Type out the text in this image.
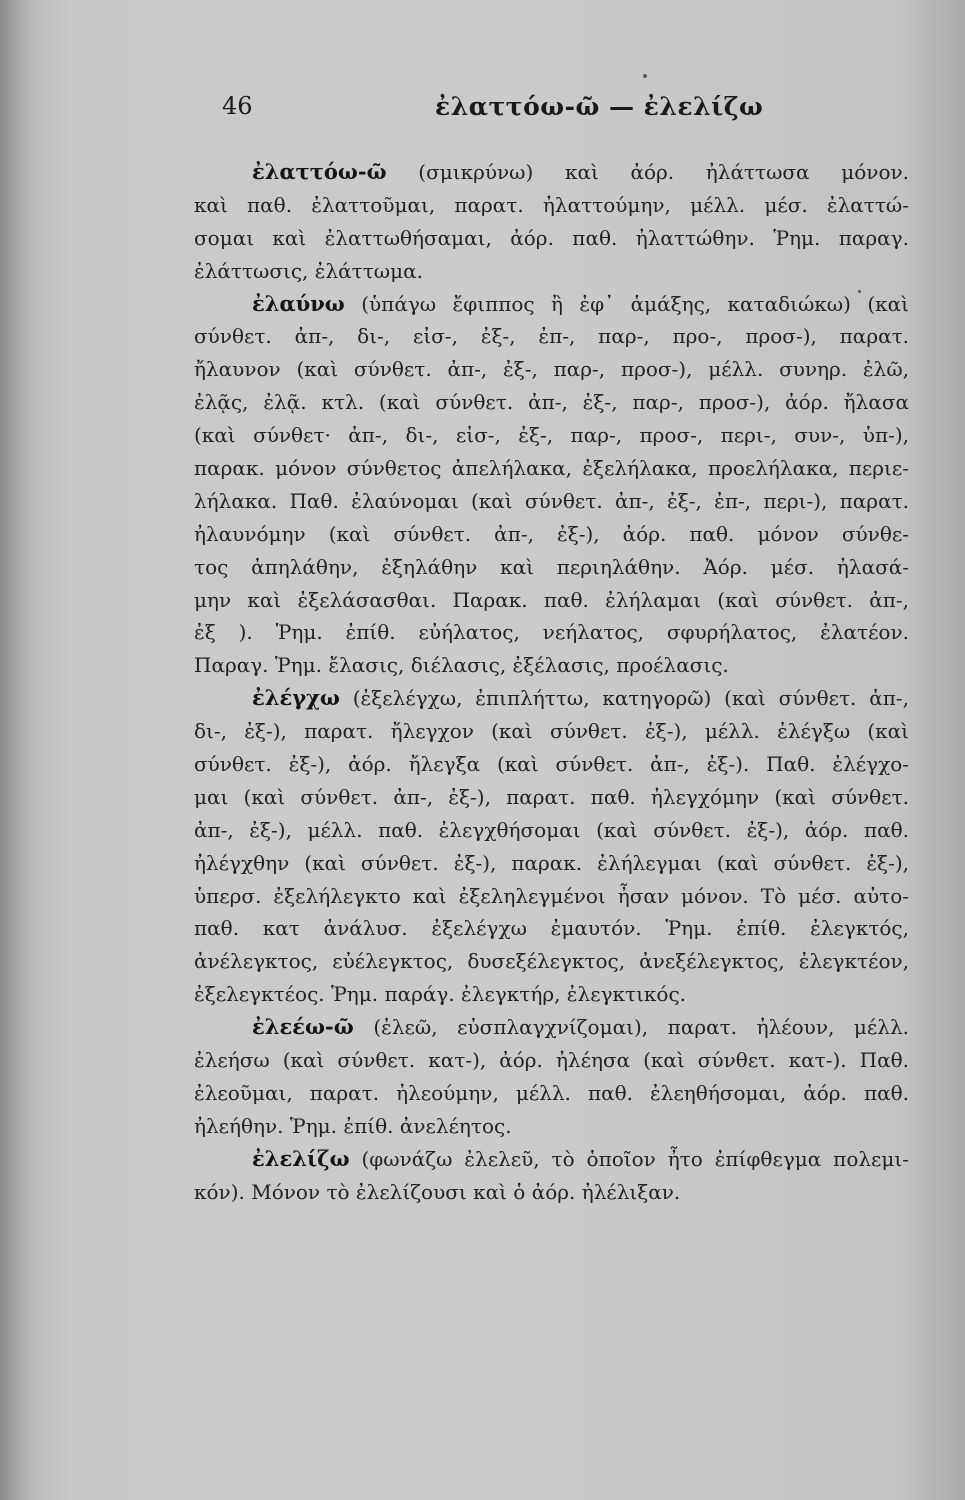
46	ἐλαττόω-ῶ — ἐλελίζω
ἐλαττόω-ῶ (σμικρύνω) καὶ ἀόρ. ἠλάττωσα μόνον.
καὶ παθ. ἐλαττοῦμαι, παρατ. ἠλαττούμην, μέλλ. μέσ. ἐλαττώ-
σομαι καὶ ἐλαττωθήσαμαι, ἀόρ. παθ. ἠλαττώθην. Ῥημ. παραγ.
ἐλάττωσις, ἐλάττωμα.
ἐλαύνω (ὑπάγω ἔφιππος ἢ ἐφ᾽ ἁμάξης, καταδιώκω) (καὶ
σύνθετ. ἀπ-, δι-, εἰσ-, ἐξ-, ἐπ-, παρ-, προ-, προσ-), παρατ.
ἤλαυνον (καὶ σύνθετ. ἀπ-, ἐξ-, παρ-, προσ-), μέλλ. συνηρ. ἐλῶ,
ἐλᾷς, ἐλᾷ. κτλ. (καὶ σύνθετ. ἀπ-, ἐξ-, παρ-, προσ-), ἀόρ. ἤλασα
(καὶ σύνθετ· ἀπ-, δι-, εἰσ-, ἐξ-, παρ-, προσ-, περι-, συν-, ὑπ-),
παρακ. μόνον σύνθετος ἀπελήλακα, ἐξελήλακα, προελήλακα, περιε-
λήλακα. Παθ. ἐλαύνομαι (καὶ σύνθετ. ἀπ-, ἐξ-, ἐπ-, περι-), παρατ.
ἠλαυνόμην (καὶ σύνθετ. ἀπ-, ἐξ-), ἀόρ. παθ. μόνον σύνθε-
τος ἀπηλάθην, ἐξηλάθην καὶ περιηλάθην. Ἀόρ. μέσ. ἠλασά-
μην καὶ ἐξελάσασθαι. Παρακ. παθ. ἐλήλαμαι (καὶ σύνθετ. ἀπ-,
ἐξ ). Ῥημ. ἐπίθ. εὐήλατος, νεήλατος, σφυρήλατος, ἐλατέον.
Παραγ. Ῥημ. ἔλασις, διέλασις, ἐξέλασις, προέλασις.
ἐλέγχω (ἐξελέγχω, ἐπιπλήττω, κατηγορῶ) (καὶ σύνθετ. ἀπ-,
δι-, ἐξ-), παρατ. ἤλεγχον (καὶ σύνθετ. ἐξ-), μέλλ. ἐλέγξω (καὶ
σύνθετ. ἐξ-), ἀόρ. ἤλεγξα (καὶ σύνθετ. ἀπ-, ἐξ-). Παθ. ἐλέγχο-
μαι (καὶ σύνθετ. ἀπ-, ἐξ-), παρατ. παθ. ἠλεγχόμην (καὶ σύνθετ.
ἀπ-, ἐξ-), μέλλ. παθ. ἐλεγχθήσομαι (καὶ σύνθετ. ἐξ-), ἀόρ. παθ.
ἠλέγχθην (καὶ σύνθετ. ἐξ-), παρακ. ἐλήλεγμαι (καὶ σύνθετ. ἐξ-),
ὑπερσ. ἐξελήλεγκτο καὶ ἐξεληλεγμένοι ἦσαν μόνον. Τὸ μέσ. αὐτο-
παθ. κατ ἀνάλυσ. ἐξελέγχω ἐμαυτόν. Ῥημ. ἐπίθ. ἐλεγκτός,
ἀνέλεγκτος, εὐέλεγκτος, δυσεξέλεγκτος, ἀνεξέλεγκτος, ἐλεγκτέον,
ἐξελεγκτέος. Ῥημ. παράγ. ἐλεγκτήρ, ἐλεγκτικός.
ἐλεέω-ῶ (ἐλεῶ, εὐσπλαγχνίζομαι), παρατ. ἠλέουν, μέλλ.
ἐλεήσω (καὶ σύνθετ. κατ-), ἀόρ. ἠλέησα (καὶ σύνθετ. κατ-). Παθ.
ἐλεοῦμαι, παρατ. ἠλεούμην, μέλλ. παθ. ἐλεηθήσομαι, ἀόρ. παθ.
ἠλεήθην. Ῥημ. ἐπίθ. ἀνελέητος.
ἐλελίζω (φωνάζω ἐλελεῦ, τὸ ὁποῖον ἦτο ἐπίφθεγμα πολεμι-
κόν). Μόνον τὸ ἐλελίζουσι καὶ ὁ ἀόρ. ἠλέλιξαν.
